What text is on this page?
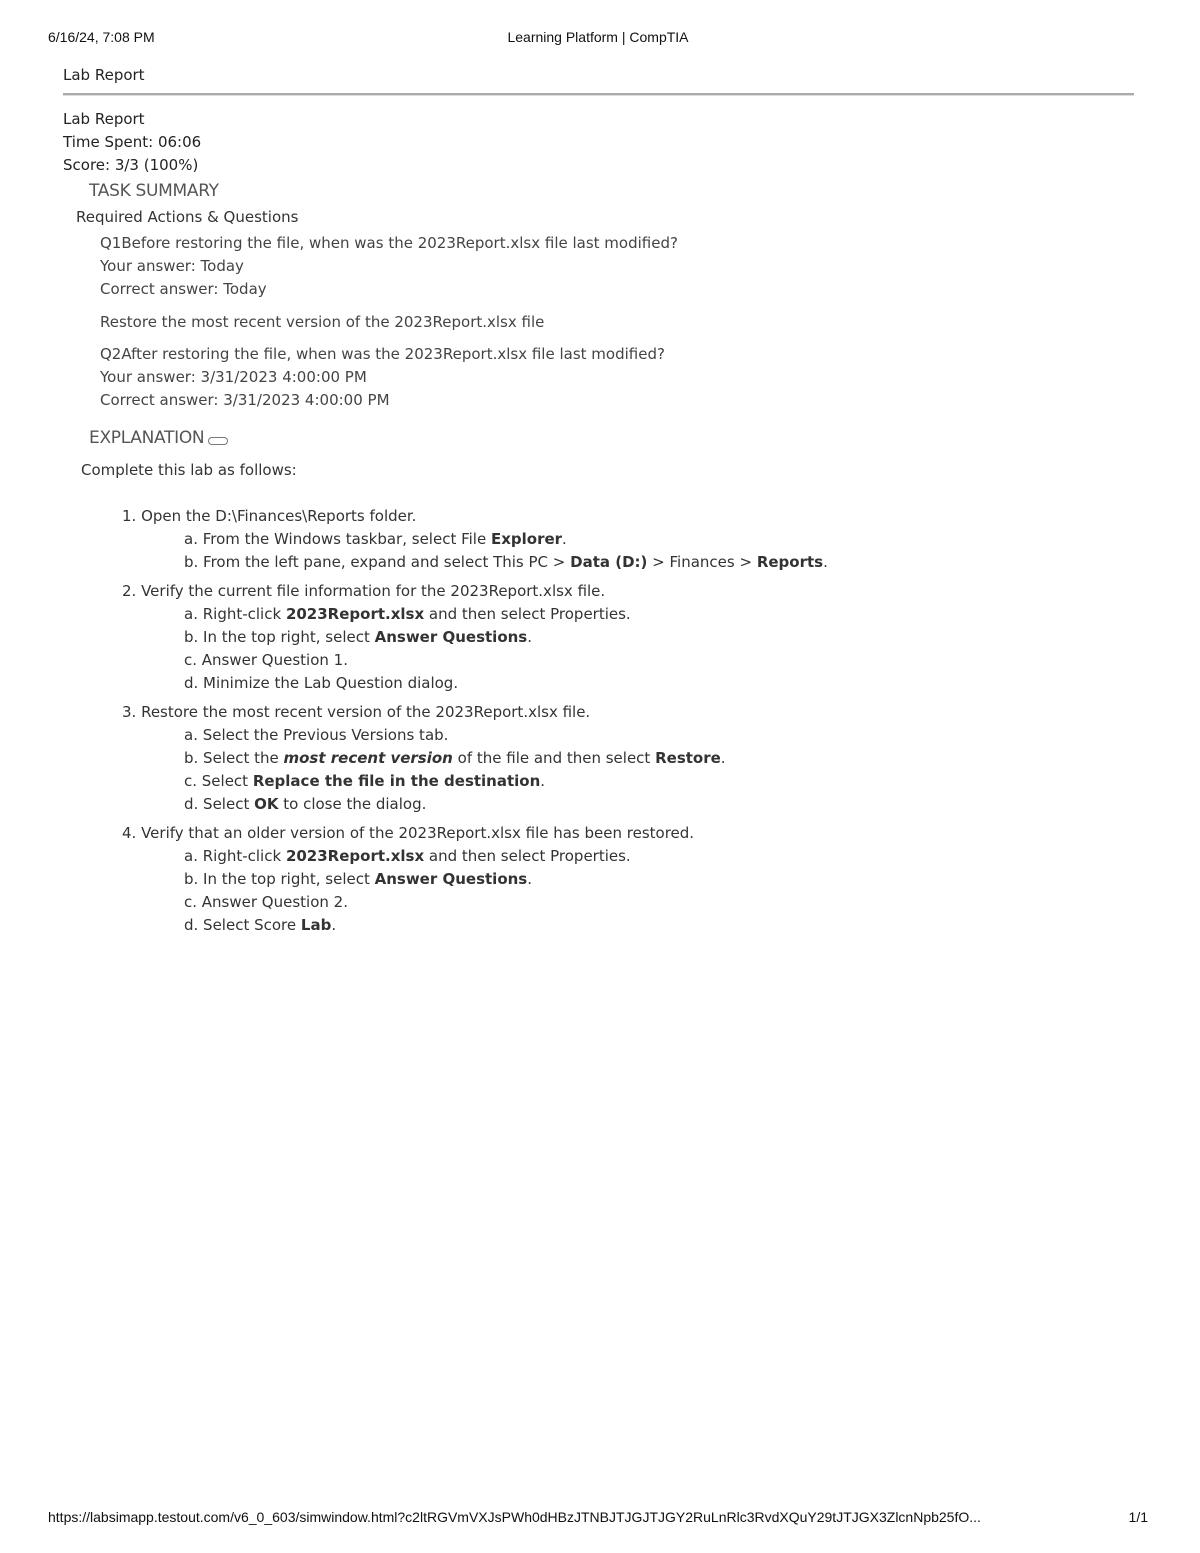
6/16/24, 7:08 PM	Learning Platform | CompTIA
Lab Report
Lab Report
Time Spent: 06:06
Score: 3/3 (100%)
TASK SUMMARY
Required Actions & Questions
Q1Before restoring the file, when was the 2023Report.xlsx file last modified?
Your answer: Today
Correct answer: Today
Restore the most recent version of the 2023Report.xlsx file
Q2After restoring the file, when was the 2023Report.xlsx file last modified?
Your answer: 3/31/2023 4:00:00 PM
Correct answer: 3/31/2023 4:00:00 PM
EXPLANATION
Complete this lab as follows:
1. Open the D:\Finances\Reports folder.
a. From the Windows taskbar, select File Explorer.
b. From the left pane, expand and select This PC > Data (D:) > Finances > Reports.
2. Verify the current file information for the 2023Report.xlsx file.
a. Right-click 2023Report.xlsx and then select Properties.
b. In the top right, select Answer Questions.
c. Answer Question 1.
d. Minimize the Lab Question dialog.
3. Restore the most recent version of the 2023Report.xlsx file.
a. Select the Previous Versions tab.
b. Select the most recent version of the file and then select Restore.
c. Select Replace the file in the destination.
d. Select OK to close the dialog.
4. Verify that an older version of the 2023Report.xlsx file has been restored.
a. Right-click 2023Report.xlsx and then select Properties.
b. In the top right, select Answer Questions.
c. Answer Question 2.
d. Select Score Lab.
https://labsimapp.testout.com/v6_0_603/simwindow.html?c2ltRGVmVXJsPWh0dHBzJTNBJTJGJTJGY2RuLnRlc3RvdXQuY29tJTJGX3ZlcnNpb25fO...	1/1
